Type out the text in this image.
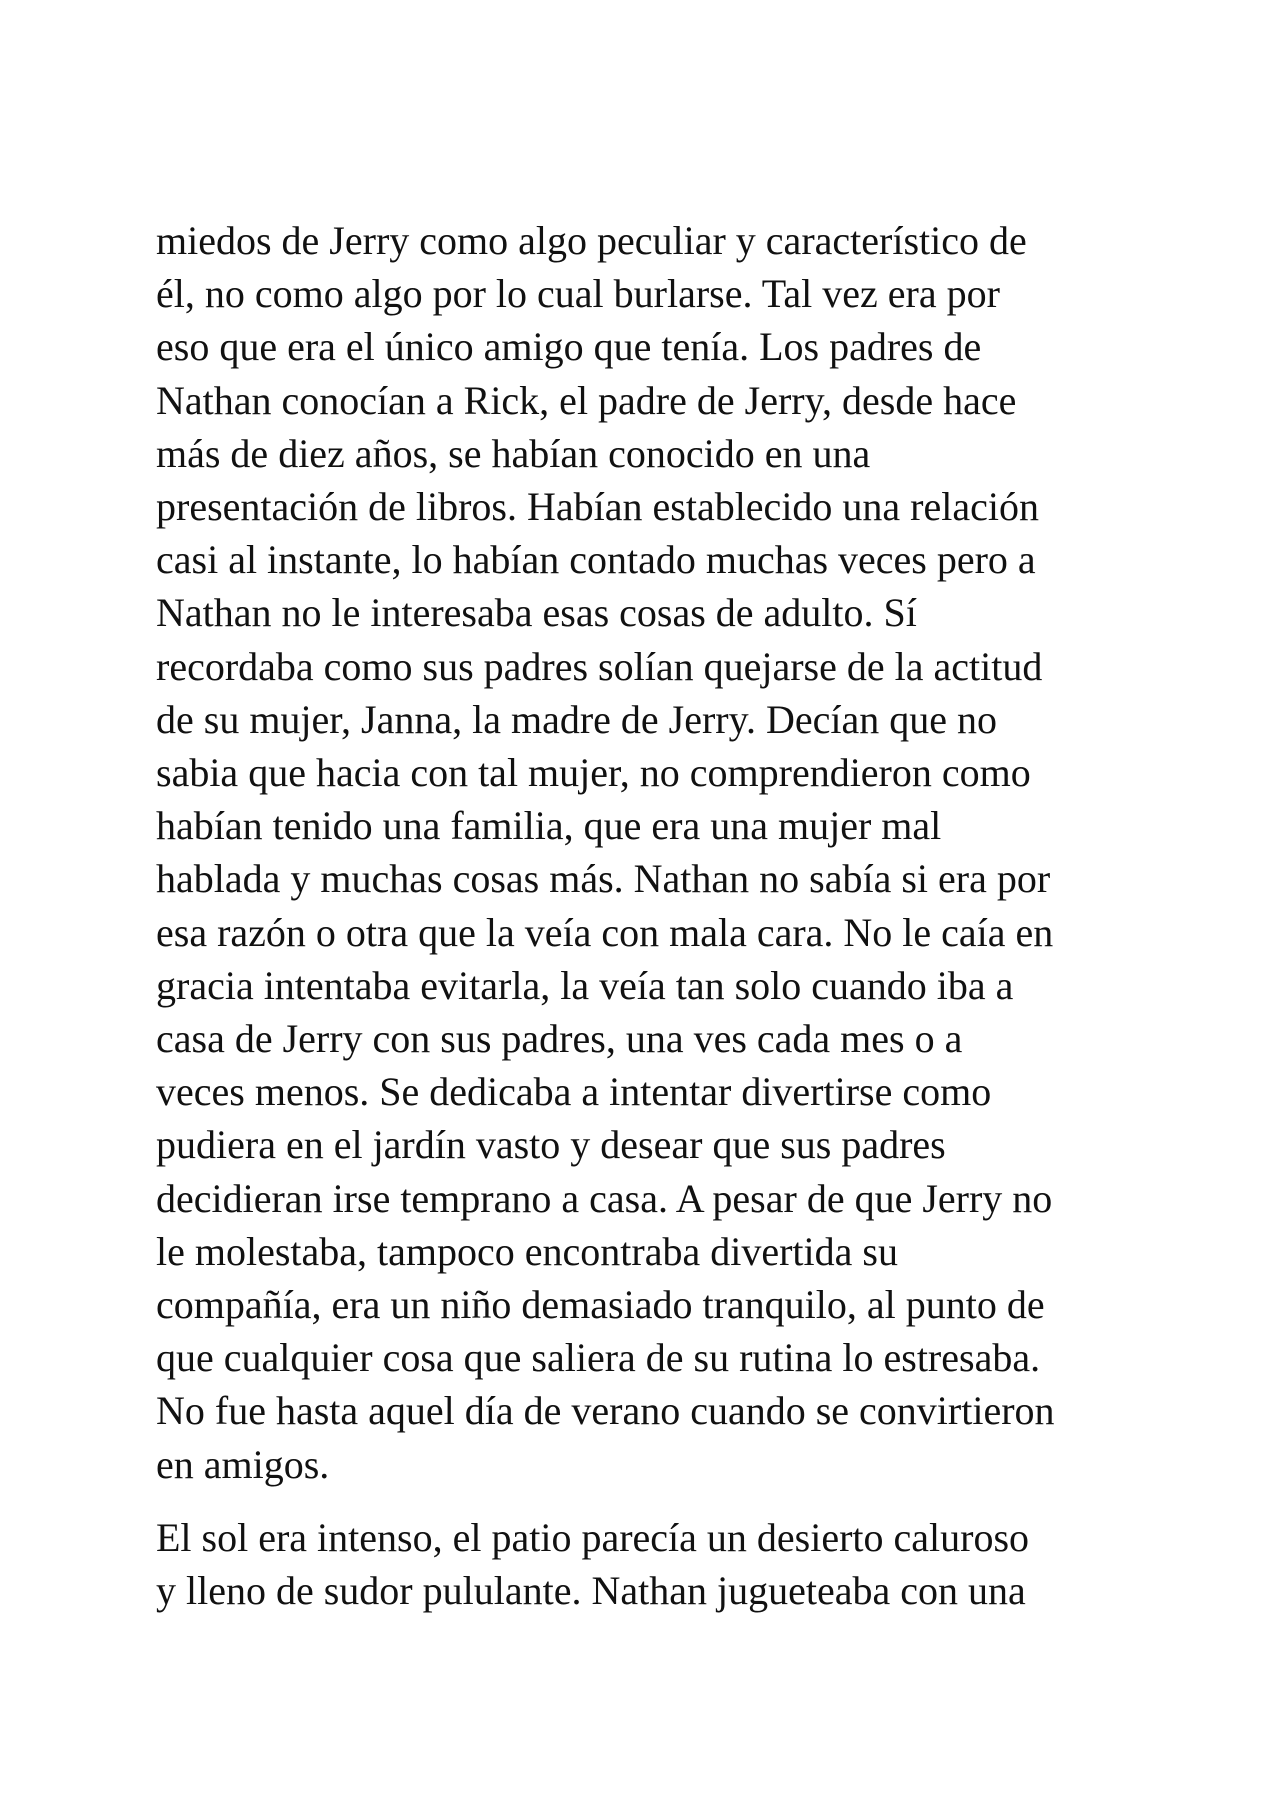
miedos de Jerry como algo peculiar y característico de
él, no como algo por lo cual burlarse. Tal vez era por
eso que era el único amigo que tenía. Los padres de
Nathan conocían a Rick, el padre de Jerry, desde hace
más de diez años, se habían conocido en una
presentación de libros. Habían establecido una relación
casi al instante, lo habían contado muchas veces pero a
Nathan no le interesaba esas cosas de adulto. Sí
recordaba como sus padres solían quejarse de la actitud
de su mujer, Janna, la madre de Jerry. Decían que no
sabia que hacia con tal mujer, no comprendieron como
habían tenido una familia, que era una mujer mal
hablada y muchas cosas más. Nathan no sabía si era por
esa razón o otra que la veía con mala cara. No le caía en
gracia intentaba evitarla, la veía tan solo cuando iba a
casa de Jerry con sus padres, una ves cada mes o a
veces menos. Se dedicaba a intentar divertirse como
pudiera en el jardín vasto y desear que sus padres
decidieran irse temprano a casa. A pesar de que Jerry no
le molestaba, tampoco encontraba divertida su
compañía, era un niño demasiado tranquilo, al punto de
que cualquier cosa que saliera de su rutina lo estresaba.
No fue hasta aquel día de verano cuando se convirtieron
en amigos.
El sol era intenso, el patio parecía un desierto caluroso
y lleno de sudor pululante. Nathan jugueteaba con una
